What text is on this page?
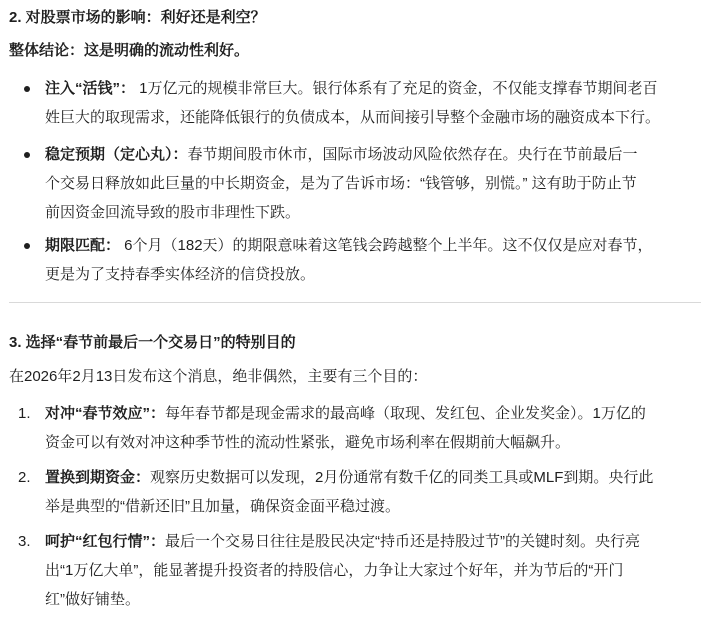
2. 对股票市场的影响：利好还是利空？
整体结论：这是明确的流动性利好。
注入“活钱”： 1万亿元的规模非常巨大。银行体系有了充足的资金，不仅能支撑春节期间老百
姓巨大的取现需求，还能降低银行的负债成本，从而间接引导整个金融市场的融资成本下行。
稳定预期（定心丸）：春节期间股市休市，国际市场波动风险依然存在。央行在节前最后一
个交易日释放如此巨量的中长期资金，是为了告诉市场：“钱管够，别慌。” 这有助于防止节
前因资金回流导致的股市非理性下跌。
期限匹配： 6个月（182天）的期限意味着这笔钱会跨越整个上半年。这不仅仅是应对春节，
更是为了支持春季实体经济的信贷投放。
3. 选择“春节前最后一个交易日”的特别目的
在2026年2月13日发布这个消息，绝非偶然，主要有三个目的：
1. 对冲“春节效应”：每年春节都是现金需求的最高峰（取现、发红包、企业发奖金）。1万亿的
资金可以有效对冲这种季节性的流动性紧张，避免市场利率在假期前大幅飙升。
2. 置换到期资金：观察历史数据可以发现，2月份通常有数千亿的同类工具或MLF到期。央行此
举是典型的“借新还旧”且加量，确保资金面平稳过渡。
3. 呵护“红包行情”：最后一个交易日往往是股民决定“持币还是持股过节”的关键时刻。央行亮
出“1万亿大单”，能显著提升投资者的持股信心，力争让大家过个好年，并为节后的“开门
红”做好铺垫。
